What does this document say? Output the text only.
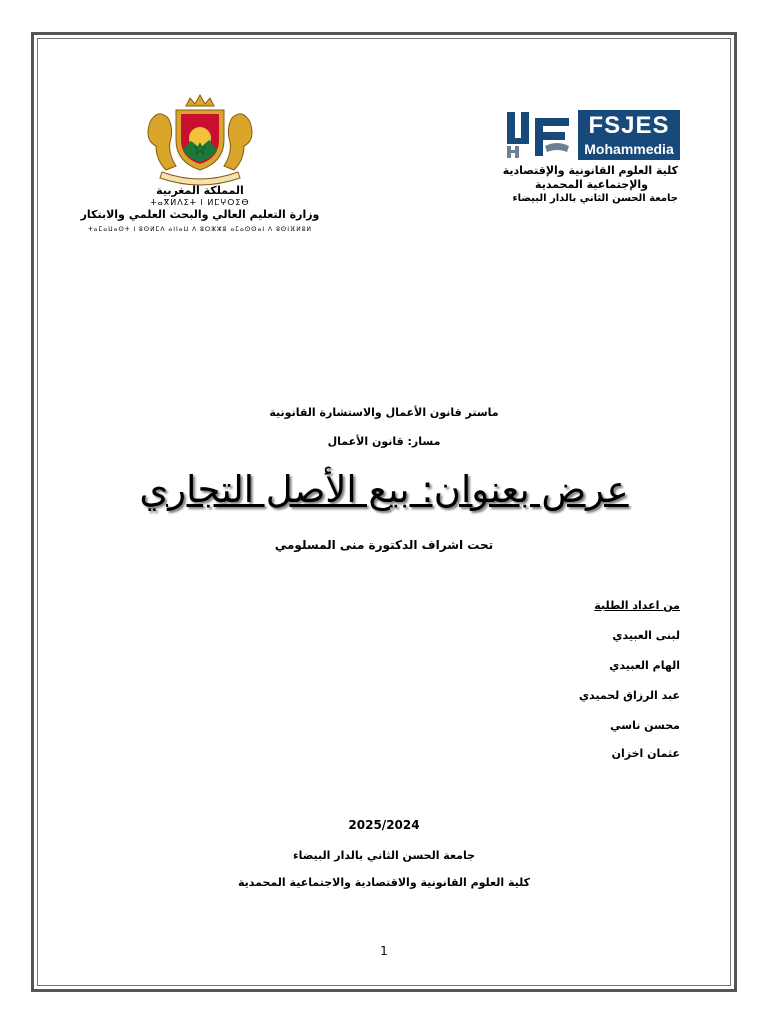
المملكة المغربية
ⵜⴰⴳⵍⴷⵉⵜ ⵏ ⵍⵎⵖⵔⵉⴱ
وزارة التعليم العالي والبحث العلمي والابتكار
ⵜⴰⵎⴰⵡⴰⵙⵜ ⵏ ⵓⵙⵍⵎⴷ ⴰⵏⵏⴰⵡ ⴷ ⵓⵔⵣⵣⵓ ⴰⵎⴰⵙⵙⴰⵏ ⴷ ⵓⵙⵏⴼⵍⵓⵍ
FSJES
Mohammedia
كلية العلوم القانونية والإقتصادية
والإجتماعية المحمدية
جامعة الحسن الثاني بالدار البيضاء
ماستر قانون الأعمال والاستشارة القانونية
مسار: قانون الأعمال
عرض بعنوان: بيع الأصل التجاري
تحت اشراف الدكتورة منى المسلومي
من اعداد الطلبة
لبنى العبيدي
الهام العبيدي
عبد الرزاق لحميدي
محسن ناسي
عثمان اخزان
2025/2024
جامعة الحسن الثاني بالدار البيضاء
كلية العلوم القانونية والاقتصادية والاجتماعية المحمدية
1
